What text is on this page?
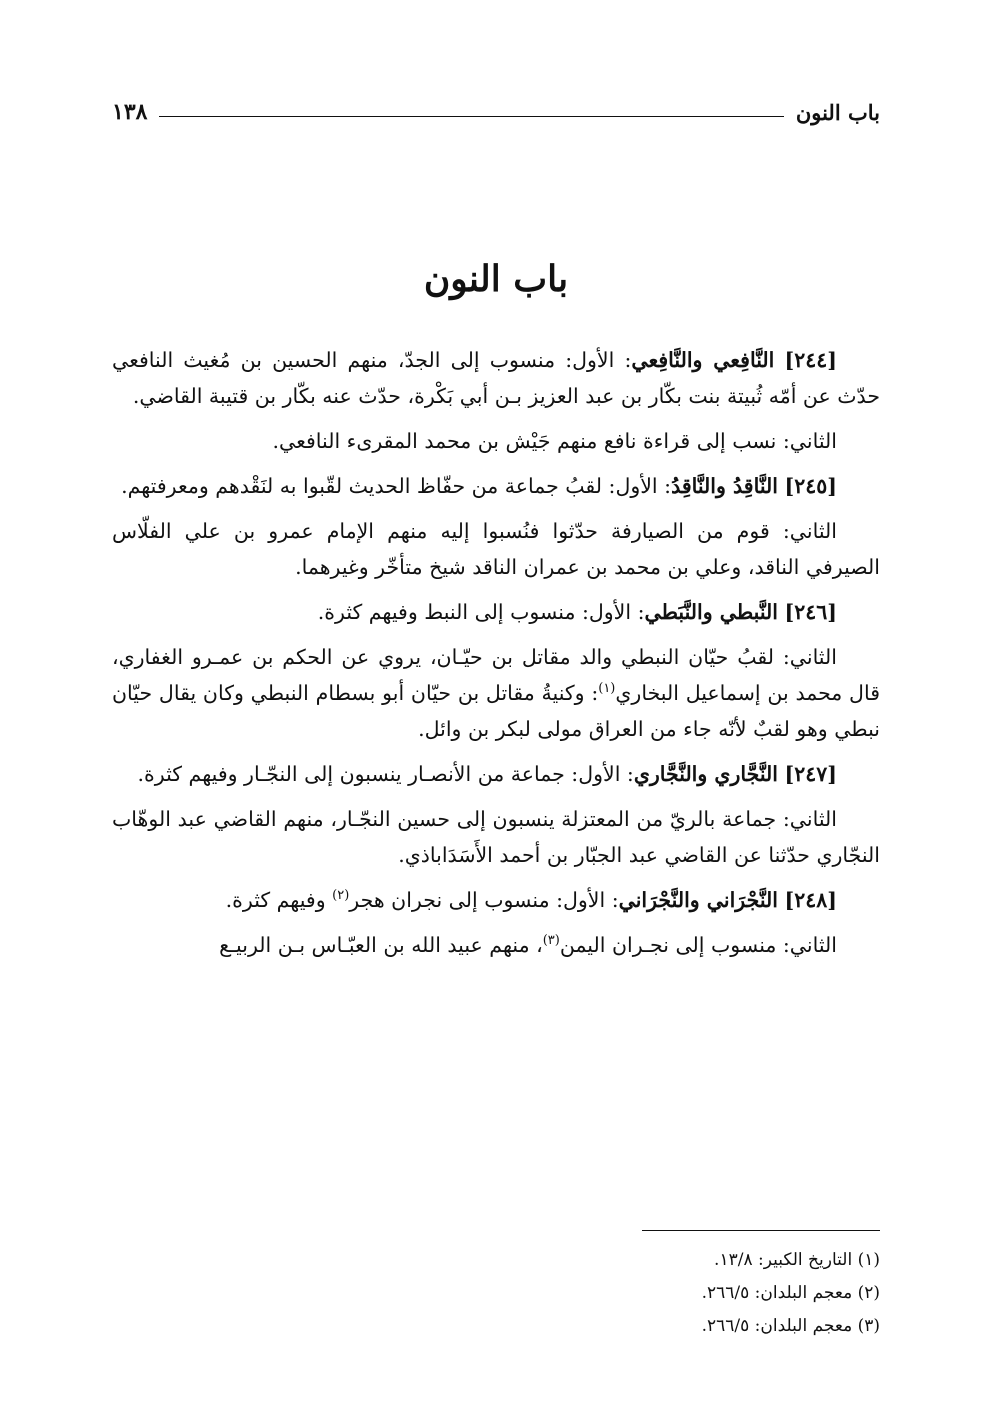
باب النون
١٣٨
باب النون

[٢٤٤] النَّافِعي والنَّافِعي: الأول: منسوب إلى الجدّ، منهم الحسين بن مُغيث النافعي حدّث عن أمّه ثُبيتة بنت بكّار بن عبد العزيز بـن أبي بَكْرة، حدّث عنه بكّار بن قتيبة القاضي.

الثاني: نسب إلى قراءة نافع منهم جَيْش بن محمد المقرىء النافعي.

[٢٤٥] النَّاقِدُ والنَّاقِدُ: الأول: لقبُ جماعة من حفّاظ الحديث لقّبوا به لنَقْدهم ومعرفتهم.

الثاني: قوم من الصيارفة حدّثوا فنُسبوا إليه منهم الإمام عمرو بن علي الفلّاس الصيرفي الناقد، وعلي بن محمد بن عمران الناقد شيخ متأخّر وغيرهما.

[٢٤٦] النَّبطي والنَّبَطي: الأول: منسوب إلى النبط وفيهم كثرة.

الثاني: لقبُ حيّان النبطي والد مقاتل بن حيّـان، يروي عن الحكم بن عمـرو الغفاري، قال محمد بن إسماعيل البخاري$^{(١)}$: وكنيةُ مقاتل بن حيّان أبو بسطام النبطي وكان يقال حيّان نبطي وهو لقبٌ لأنّه جاء من العراق مولى لبكر بن وائل.

[٢٤٧] النَّجَّاري والنَّجَّاري: الأول: جماعة من الأنصـار ينسبون إلى النجّـار وفيهم كثرة.

الثاني: جماعة بالريّ من المعتزلة ينسبون إلى حسين النجّـار، منهم القاضي عبد الوهّاب النجّاري حدّثنا عن القاضي عبد الجبّار بن أحمد الأَسَدَاباذي.

[٢٤٨] النَّجْرَاني والنَّجْرَاني: الأول: منسوب إلى نجران هجر$^{(٢)}$ وفيهم كثرة.

الثاني: منسوب إلى نجـران اليمن$^{(٣)}$، منهم عبيد الله بن العبّـاس بـن الربيـع

(١) التاريخ الكبير: ١٣/٨.
(٢) معجم البلدان: ٢٦٦/٥.
(٣) معجم البلدان: ٢٦٦/٥.
